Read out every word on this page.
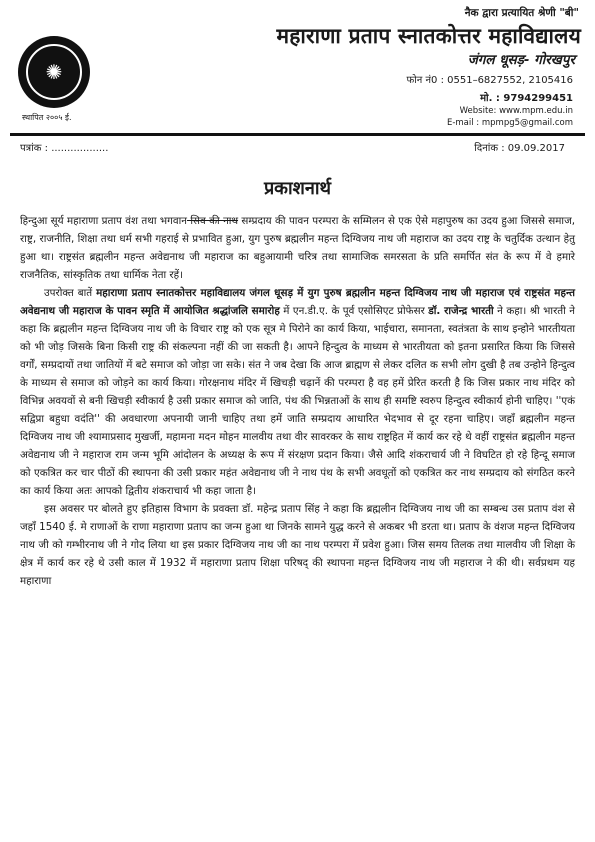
✺
स्थापित २००५ ई.
नैक द्वारा प्रत्यायित श्रेणी "बी"
महाराणा प्रताप स्नातकोत्तर महाविद्यालय
जंगल धूसड़- गोरखपुर
फोन नं0 : 0551–6827552, 2105416
मो. : 9794299451
Website: www.mpm.edu.in
E-mail : mpmpg5@gmail.com
पत्रांक : ..................	दिनांक : 09.09.2017
प्रकाशनार्थ

हिन्दुआ सूर्य महाराणा प्रताप वंश तथा भगवान सिव की नाथ सम्प्रदाय की पावन परम्परा के सम्मिलन से एक ऐसे महापुरुष का उदय हुआ जिससे समाज, राष्ट्र, राजनीति, शिक्षा तथा धर्म सभी गहराई से प्रभावित हुआ, युग पुरुष ब्रह्मलीन महन्त दिग्विजय नाथ जी महाराज का उदय राष्ट्र के चतुर्दिक उत्थान हेतु हुआ था। राष्ट्रसंत ब्रह्मलीन महन्त अवेद्यनाथ जी महाराज का बहुआयामी चरित्र तथा सामाजिक समरसता के प्रति समर्पित संत के रूप में वे हमारे राजनैतिक, सांस्कृतिक तथा धार्मिक नेता रहें।

उपरोक्त बातें महाराणा प्रताप स्नातकोत्तर महाविद्यालय जंगल धूसड़ में युग पुरुष ब्रह्मलीन महन्त दिग्विजय नाथ जी महाराज एवं राष्ट्रसंत महन्त अवेद्यनाथ जी महाराज के पावन स्मृति में आयोजित श्रद्धांजलि समारोह में एन.डी.ए. के पूर्व एसोसिएट प्रोफेसर डॉ. राजेन्द्र भारती ने कहा। श्री भारती ने कहा कि ब्रह्मलीन महन्त दिग्विजय नाथ जी के विचार राष्ट्र को एक सूत्र मे पिरोने का कार्य किया, भाईचारा, समानता, स्वतंत्रता के साथ इन्होने भारतीयता को भी जोड़ जिसके बिना किसी राष्ट्र की संकल्पना नहीं की जा सकती है। आपने हिन्दुत्व के माध्यम से भारतीयता को इतना प्रसारित किया कि जिससे वर्गों, सम्प्रदायों तथा जातियों में बटे समाज को जोड़ा जा सके। संत ने जब देखा कि आज ब्राह्मण से लेकर दलित क सभी लोग दुखी है तब उन्होने हिन्दुत्व के माध्यम से समाज को जोड़ने का कार्य किया। गोरक्षनाथ मंदिर में खिचड़ी चढ़ानें की परम्परा है वह हमें प्रेरित करती है कि जिस प्रकार नाथ मंदिर को विभिन्न अवयवों से बनी खिचड़ी स्वीकार्य है उसी प्रकार समाज को जाति, पंथ की भिन्नताओं के साथ ही समष्टि स्वरुप हिन्दुत्व स्वीकार्य होनी चाहिए। ''एकं सद्विप्रा बहुधा वदंति'' की अवधारणा अपनायी जानी चाहिए तथा हमें जाति सम्प्रदाय आधारित भेदभाव से दूर रहना चाहिए। जहाँ ब्रह्मलीन महन्त दिग्विजय नाथ जी श्यामाप्रसाद मुखर्जी, महामना मदन मोहन मालवीय तथा वीर सावरकर के साथ राष्ट्रहित में कार्य कर रहे थे वहीं राष्ट्रसंत ब्रह्मलीन महन्त अवेद्यनाथ जी ने महाराज राम जन्म भूमि आंदोलन के अध्यक्ष के रूप में संरक्षण प्रदान किया। जैसे आदि शंकराचार्य जी ने विघटित हो रहे हिन्दू समाज को एकत्रित कर चार पीठों की स्थापना की उसी प्रकार महंत अवेद्यनाथ जी ने नाथ पंथ के सभी अवधूतों को एकत्रित कर नाथ सम्प्रदाय को संगठित करने का कार्य किया अतः आपको द्वितीय शंकराचार्य भी कहा जाता है।

इस अवसर पर बोलते हुए इतिहास विभाग के प्रवक्ता डॉ. महेन्द्र प्रताप सिंह ने कहा कि ब्रह्मलीन दिग्विजय नाथ जी का सम्बन्ध उस प्रताप वंश से जहाँ 1540 ई. मे राणाओं के राणा महाराणा प्रताप का जन्म हुआ था जिनके सामने युद्ध करने से अकबर भी डरता था। प्रताप के वंशज महन्त दिग्विजय नाथ जी को गम्भीरनाथ जी ने गोद लिया था इस प्रकार दिग्विजय नाथ जी का नाथ परम्परा में प्रवेश हुआ। जिस समय तिलक तथा मालवीय जी शिक्षा के क्षेत्र में कार्य कर रहे थे उसी काल में 1932 में महाराणा प्रताप शिक्षा परिषद् की स्थापना महन्त दिग्विजय नाथ जी महाराज ने की थी। सर्वप्रथम यह महाराणा
